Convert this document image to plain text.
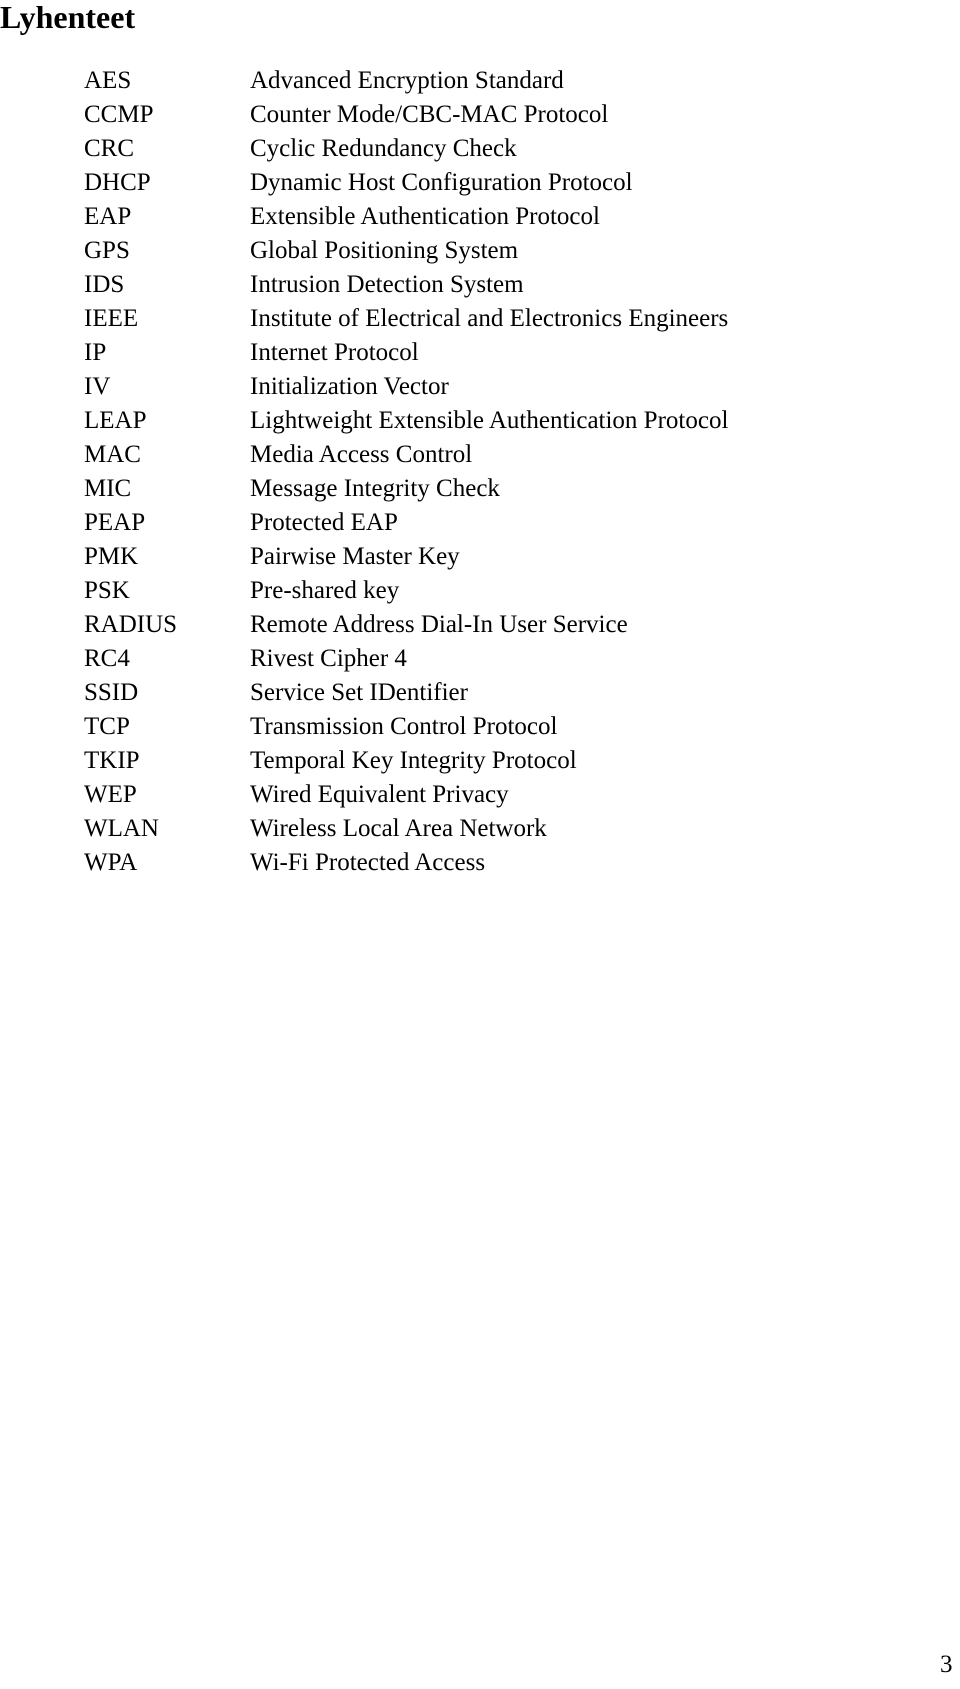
Lyhenteet
AES	Advanced Encryption Standard
CCMP	Counter Mode/CBC-MAC Protocol
CRC	Cyclic Redundancy Check
DHCP	Dynamic Host Configuration Protocol
EAP	Extensible Authentication Protocol
GPS	Global Positioning System
IDS	Intrusion Detection System
IEEE	Institute of Electrical and Electronics Engineers
IP	Internet Protocol
IV	Initialization Vector
LEAP	Lightweight Extensible Authentication Protocol
MAC	Media Access Control
MIC	Message Integrity Check
PEAP	Protected EAP
PMK	Pairwise Master Key
PSK	Pre-shared key
RADIUS	Remote Address Dial-In User Service
RC4	Rivest Cipher 4
SSID	Service Set IDentifier
TCP	Transmission Control Protocol
TKIP	Temporal Key Integrity Protocol
WEP	Wired Equivalent Privacy
WLAN	Wireless Local Area Network
WPA	Wi-Fi Protected Access
3
